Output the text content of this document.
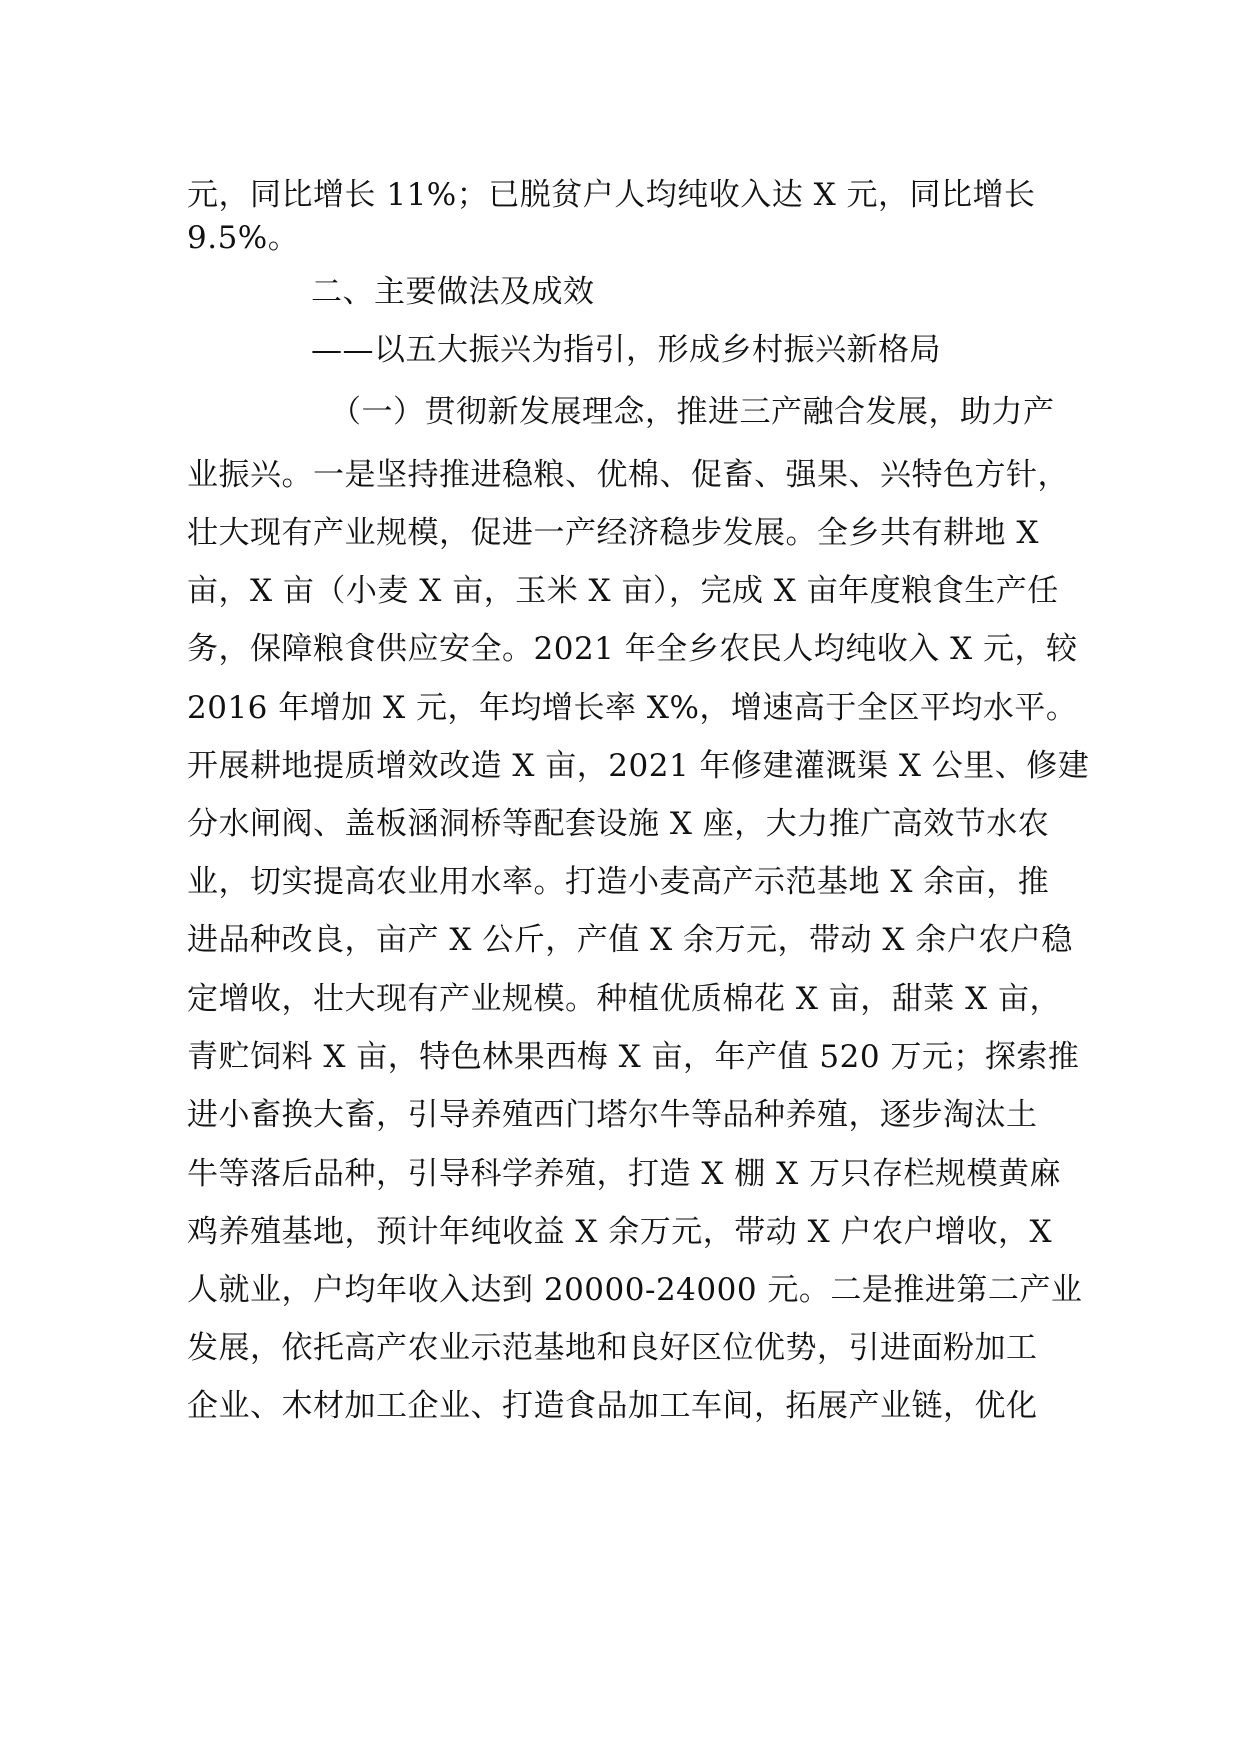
元，同比增长 11%；已脱贫户人均纯收入达 X 元，同比增长
9.5%。
二、主要做法及成效
——以五大振兴为指引，形成乡村振兴新格局
（一）贯彻新发展理念，推进三产融合发展，助力产
业振兴。一是坚持推进稳粮、优棉、促畜、强果、兴特色方针，
壮大现有产业规模，促进一产经济稳步发展。全乡共有耕地 X
亩，X 亩（小麦 X 亩，玉米 X 亩），完成 X 亩年度粮食生产任
务，保障粮食供应安全。2021 年全乡农民人均纯收入 X 元，较
2016 年增加 X 元，年均增长率 X%，增速高于全区平均水平。
开展耕地提质增效改造 X 亩，2021 年修建灌溉渠 X 公里、修建
分水闸阀、盖板涵洞桥等配套设施 X 座，大力推广高效节水农
业，切实提高农业用水率。打造小麦高产示范基地 X 余亩，推
进品种改良，亩产 X 公斤，产值 X 余万元，带动 X 余户农户稳
定增收，壮大现有产业规模。种植优质棉花 X 亩，甜菜 X 亩，
青贮饲料 X 亩，特色林果西梅 X 亩，年产值 520 万元；探索推
进小畜换大畜，引导养殖西门塔尔牛等品种养殖，逐步淘汰土
牛等落后品种，引导科学养殖，打造 X 棚 X 万只存栏规模黄麻
鸡养殖基地，预计年纯收益 X 余万元，带动 X 户农户增收，X
人就业，户均年收入达到 20000-24000 元。二是推进第二产业
发展，依托高产农业示范基地和良好区位优势，引进面粉加工
企业、木材加工企业、打造食品加工车间，拓展产业链，优化
